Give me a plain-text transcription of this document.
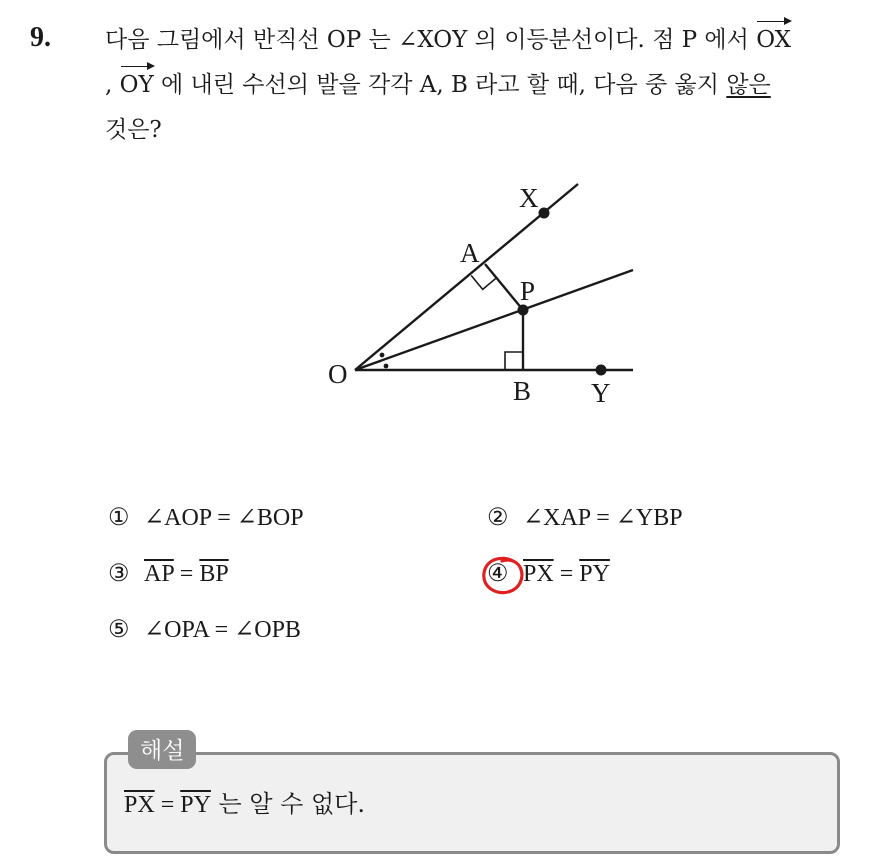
9. 다음 그림에서 반직선 OP 는 ∠XOY 의 이등분선이다. 점 P 에서 OX
, OY 에 내린 수선의 발을 각각 A, B 라고 할 때, 다음 중 옳지 않은
것은?
X
A
P
O
B Y
① ∠AOP = ∠BOP	② ∠XAP = ∠YBP
③ $\overline{AP} = \overline{BP}$	④ $\overline{PX} = \overline{PY}$
⑤ ∠OPA = ∠OPB
해설
$\overline{PX} = \overline{PY}$ 는 알 수 없다.
